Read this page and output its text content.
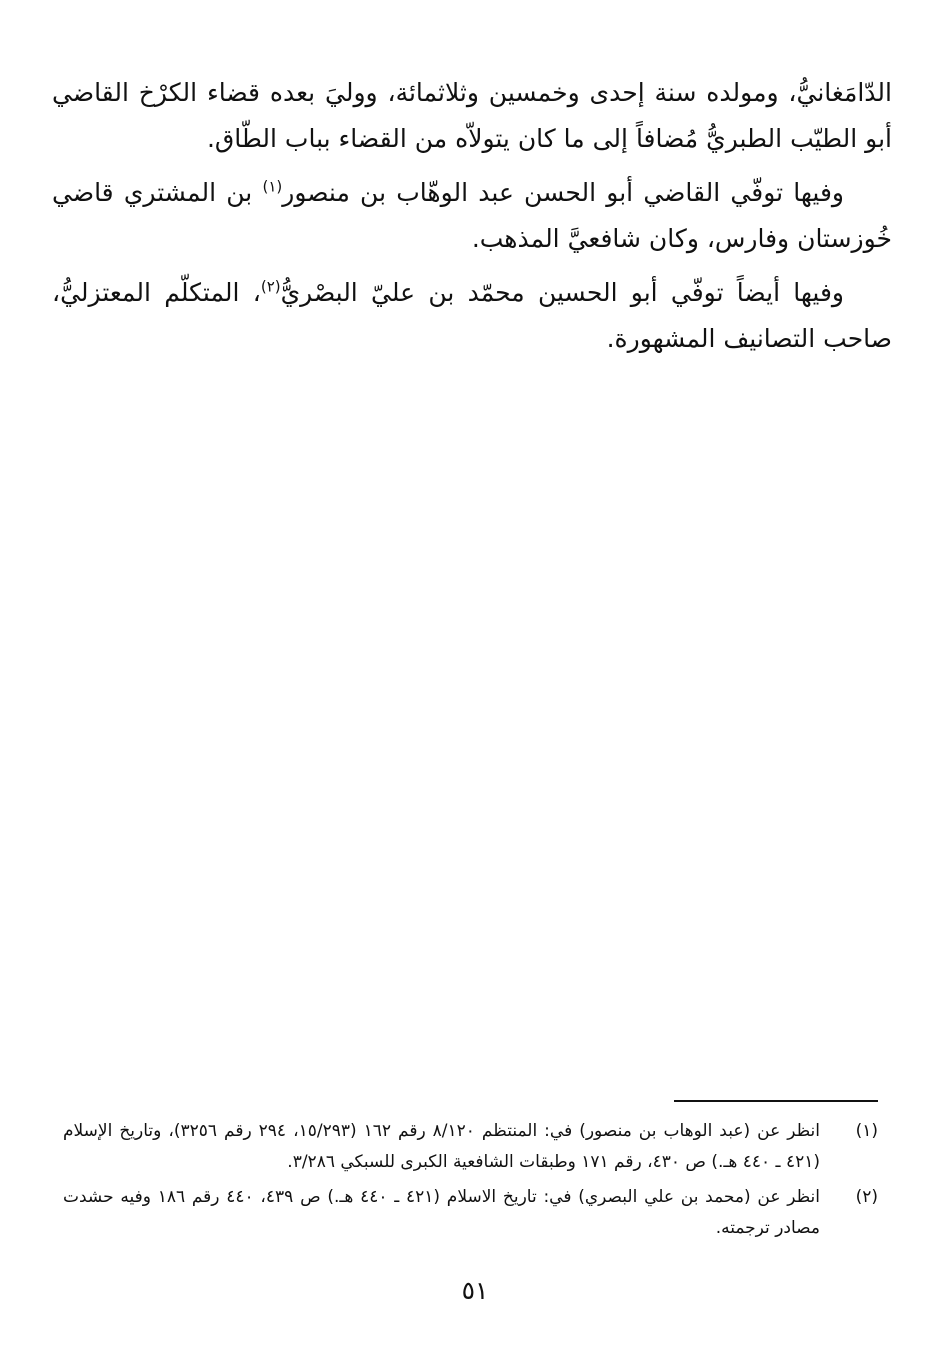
الدّامَغانيُّ، ومولده سنة إحدى وخمسين وثلاثمائة، ووليَ بعده قضاء الكرْخ القاضي أبو الطيّب الطبريُّ مُضافاً إلى ما كان يتولاّه من القضاء بباب الطّاق.

وفيها توفّي القاضي أبو الحسن عبد الوهّاب بن منصور$^{(١)}$ بن المشتري قاضي خُوزستان وفارس، وكان شافعيَّ المذهب.

وفيها أيضاً توفّي أبو الحسين محمّد بن عليّ البصْريُّ$^{(٢)}$، المتكلّم المعتزليُّ، صاحب التصانيف المشهورة.

(١)
انظر عن (عبد الوهاب بن منصور) في: المنتظم ٨/١٢٠ رقم ١٦٢ (١٥/٢٩٣، ٢٩٤ رقم ٣٢٥٦)، وتاريخ الإسلام (٤٢١ ـ ٤٤٠ هـ.) ص ٤٣٠، رقم ١٧١ وطبقات الشافعية الكبرى للسبكي ٣/٢٨٦.
(٢)
انظر عن (محمد بن علي البصري) في: تاريخ الاسلام (٤٢١ ـ ٤٤٠ هـ.) ص ٤٣٩، ٤٤٠ رقم ١٨٦ وفيه حشدت مصادر ترجمته.
٥١
